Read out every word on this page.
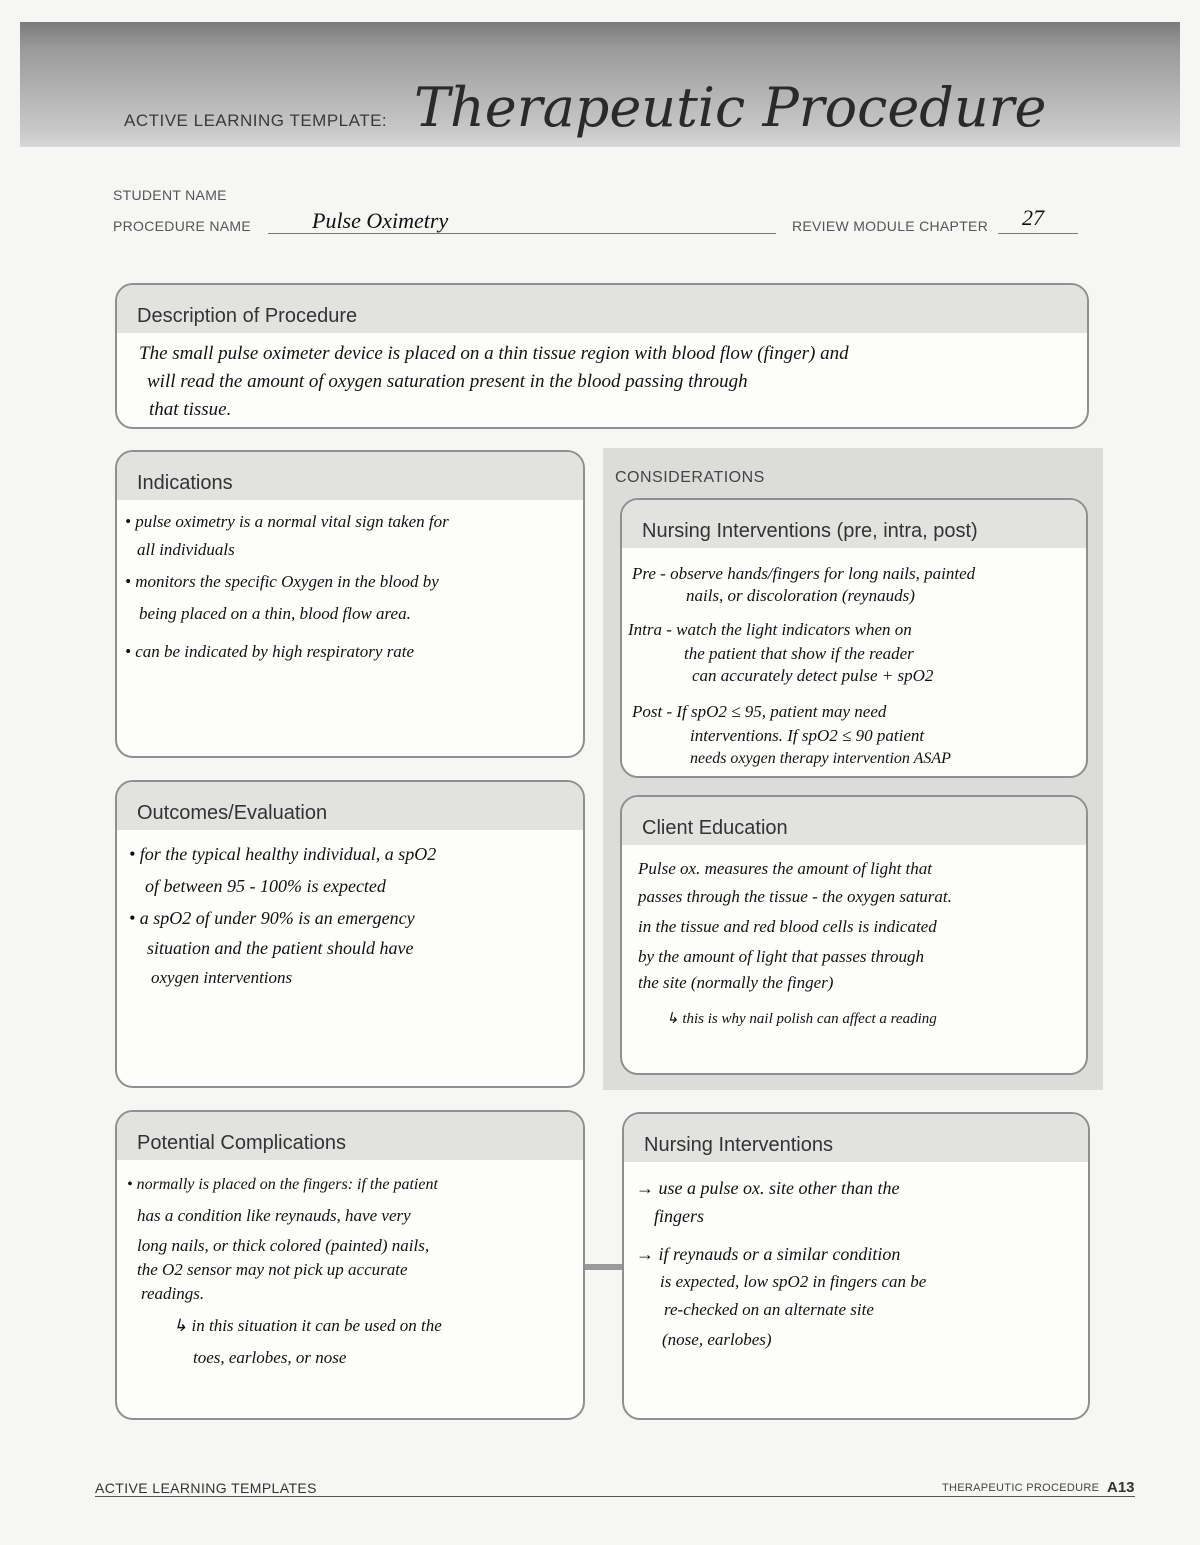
ACTIVE LEARNING TEMPLATE: Therapeutic Procedure
STUDENT NAME
PROCEDURE NAME	Pulse Oximetry	REVIEW MODULE CHAPTER 27
Description of Procedure
The small pulse oximeter device is placed on a thin tissue region with blood flow (finger) and
will read the amount of oxygen saturation present in the blood passing through
that tissue.
Indications
• pulse oximetry is a normal vital sign taken for
all individuals
• monitors the specific Oxygen in the blood by
being placed on a thin, blood flow area.
• can be indicated by high respiratory rate
CONSIDERATIONS
Nursing Interventions (pre, intra, post)
Pre - observe hands/fingers for long nails, painted
nails, or discoloration (reynauds)
Intra - watch the light indicators when on
the patient that show if the reader
can accurately detect pulse + spO2
Post - If spO2 ≤ 95, patient may need
interventions. If spO2 ≤ 90 patient
needs oxygen therapy intervention ASAP
Client Education
Pulse ox. measures the amount of light that
passes through the tissue - the oxygen saturat.
in the tissue and red blood cells is indicated
by the amount of light that passes through
the site (normally the finger)
↳ this is why nail polish can affect a reading
Outcomes/Evaluation
• for the typical healthy individual, a spO2
of between 95 - 100% is expected
• a spO2 of under 90% is an emergency
situation and the patient should have
oxygen interventions
Potential Complications
• normally is placed on the fingers: if the patient
has a condition like reynauds, have very
long nails, or thick colored (painted) nails,
the O2 sensor may not pick up accurate
readings.
↳ in this situation it can be used on the
toes, earlobes, or nose
Nursing Interventions
→ use a pulse ox. site other than the
fingers
→ if reynauds or a similar condition
is expected, low spO2 in fingers can be
re-checked on an alternate site
(nose, earlobes)
ACTIVE LEARNING TEMPLATES	THERAPEUTIC PROCEDURE A13
